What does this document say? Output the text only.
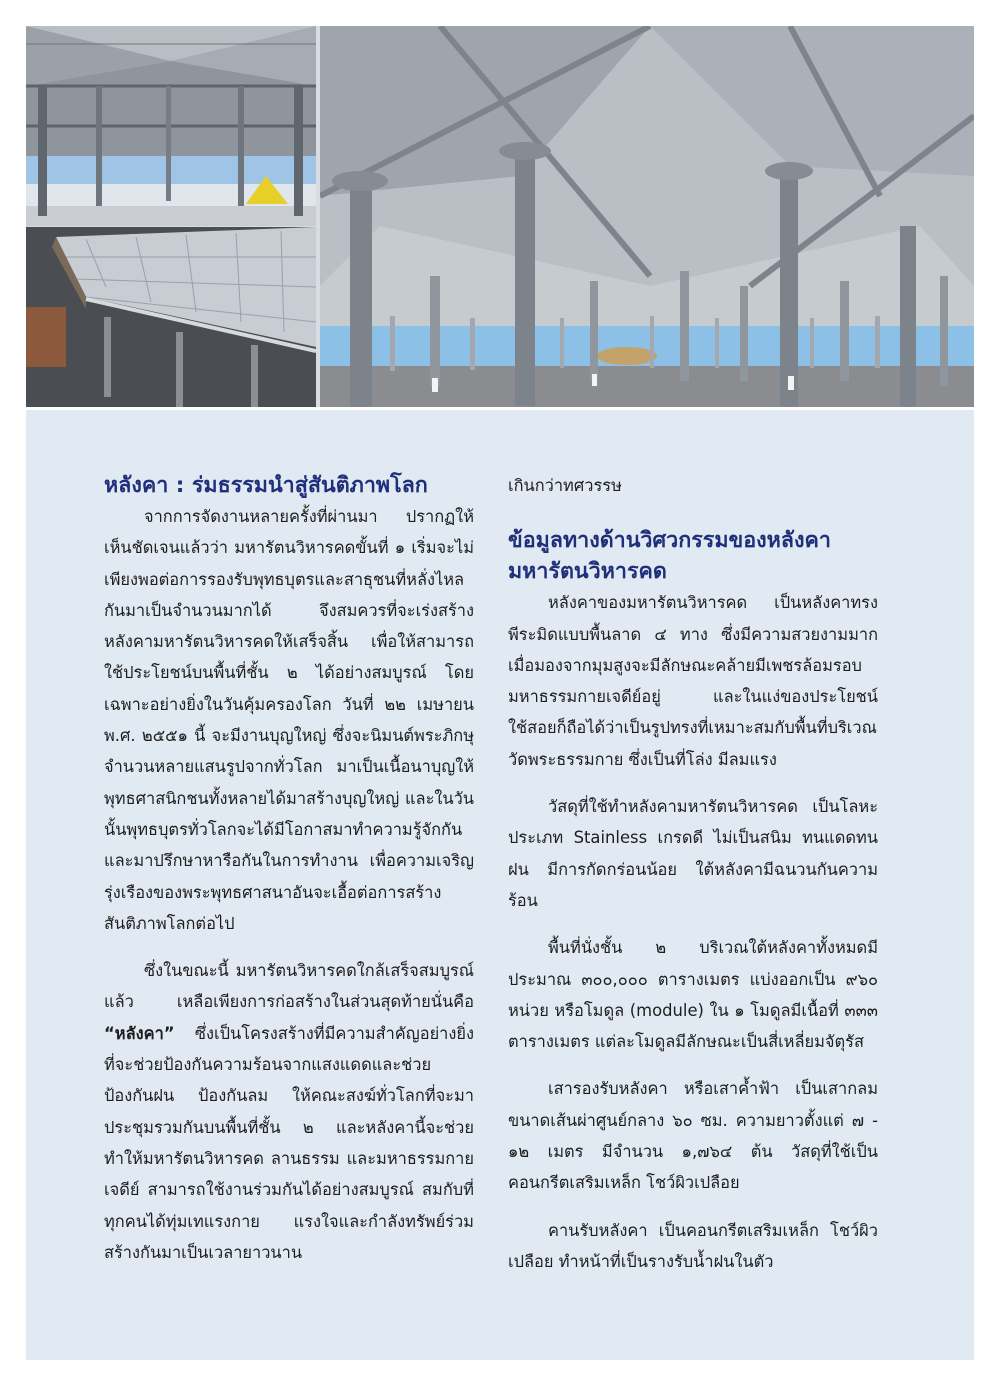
หลังคา : ร่มธรรมนำสู่สันติภาพโลก

จากการจัดงานหลายครั้งที่ผ่านมา ปรากฏให้เห็นชัดเจนแล้วว่า มหารัตนวิหารคดขั้นที่ ๑ เริ่มจะไม่เพียงพอต่อการรองรับพุทธบุตรและสาธุชนที่หลั่งไหลกันมาเป็นจำนวนมากได้ จึงสมควรที่จะเร่งสร้างหลังคามหารัตนวิหารคดให้เสร็จสิ้น เพื่อให้สามารถใช้ประโยชน์บนพื้นที่ชั้น ๒ ได้อย่างสมบูรณ์ โดยเฉพาะอย่างยิ่งในวันคุ้มครองโลก วันที่ ๒๒ เมษายน พ.ศ. ๒๕๕๑ นี้ จะมีงานบุญใหญ่ ซึ่งจะนิมนต์พระภิกษุจำนวนหลายแสนรูปจากทั่วโลก มาเป็นเนื้อนาบุญให้พุทธศาสนิกชนทั้งหลายได้มาสร้างบุญใหญ่ และในวันนั้นพุทธบุตรทั่วโลกจะได้มีโอกาสมาทำความรู้จักกัน และมาปรึกษาหารือกันในการทำงาน เพื่อความเจริญรุ่งเรืองของพระพุทธศาสนาอันจะเอื้อต่อการสร้างสันติภาพโลกต่อไป

ซึ่งในขณะนี้ มหารัตนวิหารคดใกล้เสร็จสมบูรณ์แล้ว เหลือเพียงการก่อสร้างในส่วนสุดท้ายนั่นคือ “หลังคา” ซึ่งเป็นโครงสร้างที่มีความสำคัญอย่างยิ่ง ที่จะช่วยป้องกันความร้อนจากแสงแดดและช่วยป้องกันฝน ป้องกันลม ให้คณะสงฆ์ทั่วโลกที่จะมาประชุมรวมกันบนพื้นที่ชั้น ๒ และหลังคานี้จะช่วยทำให้มหารัตนวิหารคด ลานธรรม และมหาธรรมกายเจดีย์ สามารถใช้งานร่วมกันได้อย่างสมบูรณ์ สมกับที่ทุกคนได้ทุ่มเทแรงกาย แรงใจและกำลังทรัพย์ร่วมสร้างกันมาเป็นเวลายาวนาน

เกินกว่าทศวรรษ

ข้อมูลทางด้านวิศวกรรมของหลังคา
มหารัตนวิหารคด

หลังคาของมหารัตนวิหารคด เป็นหลังคาทรงพีระมิดแบบพื้นลาด ๔ ทาง ซึ่งมีความสวยงามมาก เมื่อมองจากมุมสูงจะมีลักษณะคล้ายมีเพชรล้อมรอบมหาธรรมกายเจดีย์อยู่ และในแง่ของประโยชน์ใช้สอยก็ถือได้ว่าเป็นรูปทรงที่เหมาะสมกับพื้นที่บริเวณวัดพระธรรมกาย ซึ่งเป็นที่โล่ง มีลมแรง

วัสดุที่ใช้ทำหลังคามหารัตนวิหารคด เป็นโลหะประเภท Stainless เกรดดี ไม่เป็นสนิม ทนแดดทนฝน มีการกัดกร่อนน้อย ใต้หลังคามีฉนวนกันความร้อน

พื้นที่นั่งชั้น ๒ บริเวณใต้หลังคาทั้งหมดมีประมาณ ๓๐๐,๐๐๐ ตารางเมตร แบ่งออกเป็น ๙๖๐ หน่วย หรือโมดูล (module) ใน ๑ โมดูลมีเนื้อที่ ๓๓๓ ตารางเมตร แต่ละโมดูลมีลักษณะเป็นสี่เหลี่ยมจัตุรัส

เสารองรับหลังคา หรือเสาค้ำฟ้า เป็นเสากลมขนาดเส้นผ่าศูนย์กลาง ๖๐ ซม. ความยาวตั้งแต่ ๗ - ๑๒ เมตร มีจำนวน ๑,๗๖๔ ต้น วัสดุที่ใช้เป็นคอนกรีตเสริมเหล็ก โชว์ผิวเปลือย

คานรับหลังคา เป็นคอนกรีตเสริมเหล็ก โชว์ผิวเปลือย ทำหน้าที่เป็นรางรับน้ำฝนในตัว
